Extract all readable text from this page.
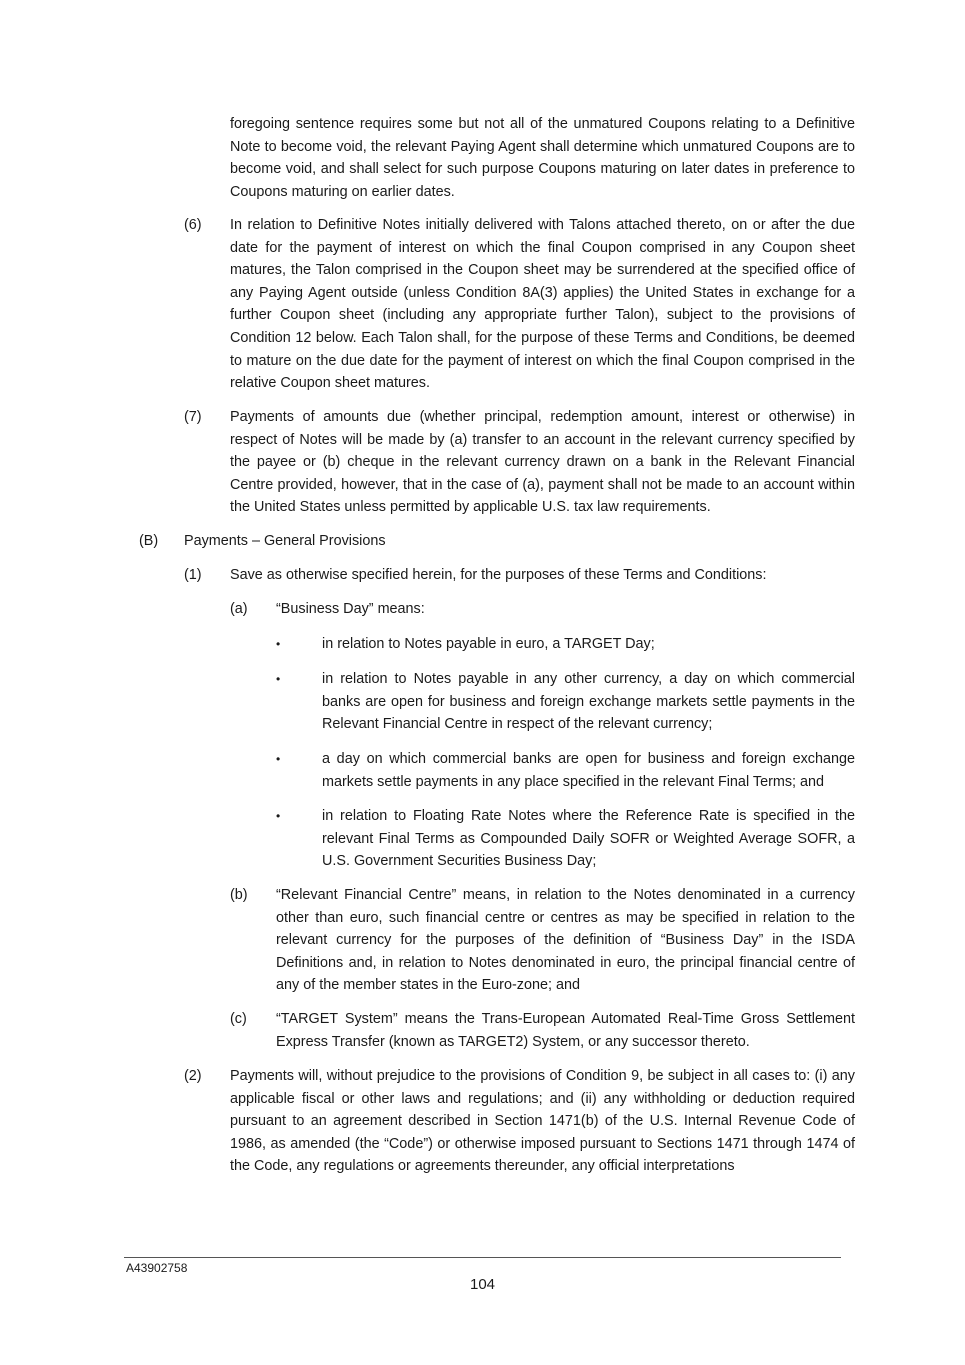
foregoing sentence requires some but not all of the unmatured Coupons relating to a Definitive Note to become void, the relevant Paying Agent shall determine which unmatured Coupons are to become void, and shall select for such purpose Coupons maturing on later dates in preference to Coupons maturing on earlier dates.

(6) In relation to Definitive Notes initially delivered with Talons attached thereto, on or after the due date for the payment of interest on which the final Coupon comprised in any Coupon sheet matures, the Talon comprised in the Coupon sheet may be surrendered at the specified office of any Paying Agent outside (unless Condition 8A(3) applies) the United States in exchange for a further Coupon sheet (including any appropriate further Talon), subject to the provisions of Condition 12 below. Each Talon shall, for the purpose of these Terms and Conditions, be deemed to mature on the due date for the payment of interest on which the final Coupon comprised in the relative Coupon sheet matures.

(7) Payments of amounts due (whether principal, redemption amount, interest or otherwise) in respect of Notes will be made by (a) transfer to an account in the relevant currency specified by the payee or (b) cheque in the relevant currency drawn on a bank in the Relevant Financial Centre provided, however, that in the case of (a), payment shall not be made to an account within the United States unless permitted by applicable U.S. tax law requirements.

(B) Payments – General Provisions
(1) Save as otherwise specified herein, for the purposes of these Terms and Conditions:

(a) “Business Day” means:

•	in relation to Notes payable in euro, a TARGET Day;

•	in relation to Notes payable in any other currency, a day on which commercial banks are open for business and foreign exchange markets settle payments in the Relevant Financial Centre in respect of the relevant currency;

•	a day on which commercial banks are open for business and foreign exchange markets settle payments in any place specified in the relevant Final Terms; and

•	in relation to Floating Rate Notes where the Reference Rate is specified in the relevant Final Terms as Compounded Daily SOFR or Weighted Average SOFR, a U.S. Government Securities Business Day;

(b) “Relevant Financial Centre” means, in relation to the Notes denominated in a currency other than euro, such financial centre or centres as may be specified in relation to the relevant currency for the purposes of the definition of “Business Day” in the ISDA Definitions and, in relation to Notes denominated in euro, the principal financial centre of any of the member states in the Euro-zone; and

(c) “TARGET System” means the Trans-European Automated Real-Time Gross Settlement Express Transfer (known as TARGET2) System, or any successor thereto.

(2) Payments will, without prejudice to the provisions of Condition 9, be subject in all cases to: (i) any applicable fiscal or other laws and regulations; and (ii) any withholding or deduction required pursuant to an agreement described in Section 1471(b) of the U.S. Internal Revenue Code of 1986, as amended (the “Code”) or otherwise imposed pursuant to Sections 1471 through 1474 of the Code, any regulations or agreements thereunder, any official interpretations

A43902758
104
